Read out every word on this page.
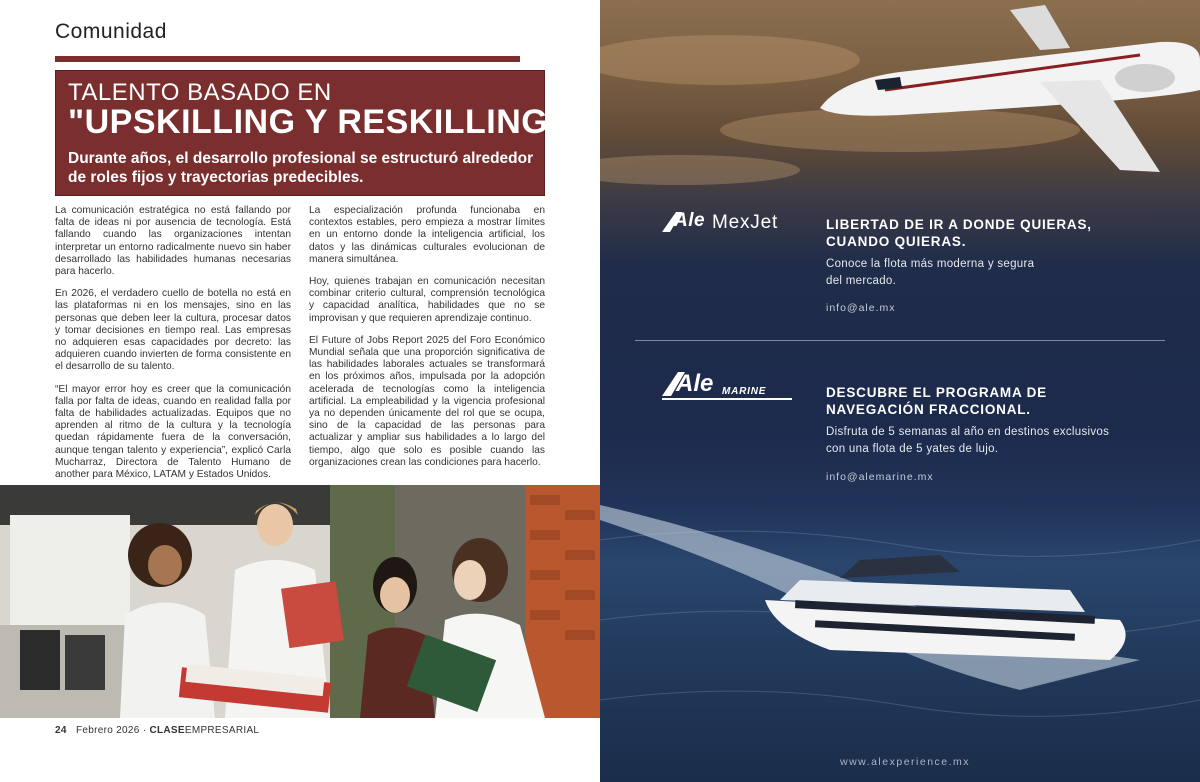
Comunidad
TALENTO BASADO EN
"UPSKILLING Y RESKILLING"
Durante años, el desarrollo profesional se estructuró alrededor de roles fijos y trayectorias predecibles.

La comunicación estratégica no está fallando por falta de ideas ni por ausencia de tecnología. Está fallando cuando las organizaciones intentan interpretar un entorno radicalmente nuevo sin haber desarrollado las habilidades humanas necesarias para hacerlo.

En 2026, el verdadero cuello de botella no está en las plataformas ni en los mensajes, sino en las personas que deben leer la cultura, procesar datos y tomar decisiones en tiempo real. Las empresas no adquieren esas capacidades por decreto: las adquieren cuando invierten de forma consistente en el desarrollo de su talento.

“El mayor error hoy es creer que la comunicación falla por falta de ideas, cuando en realidad falla por falta de habilidades actualizadas. Equipos que no aprenden al ritmo de la cultura y la tecnología quedan rápidamente fuera de la conversación, aunque tengan talento y experiencia”, explicó Carla Mucharraz, Directora de Talento Humano de another para México, LATAM y Estados Unidos.

La especialización profunda funcionaba en contextos estables, pero empieza a mostrar límites en un entorno donde la inteligencia artificial, los datos y las dinámicas culturales evolucionan de manera simultánea.

Hoy, quienes trabajan en comunicación necesitan combinar criterio cultural, comprensión tecnológica y capacidad analítica, habilidades que no se improvisan y que requieren aprendizaje continuo.

El Future of Jobs Report 2025 del Foro Económico Mundial señala que una proporción significativa de las habilidades laborales actuales se transformará en los próximos años, impulsada por la adopción acelerada de tecnologías como la inteligencia artificial. La empleabilidad y la vigencia profesional ya no dependen únicamente del rol que se ocupa, sino de la capacidad de las personas para actualizar y ampliar sus habilidades a lo largo del tiempo, algo que solo es posible cuando las organizaciones crean las condiciones para hacerlo.

24 Febrero 2026 · CLASEEMPRESARIAL
Ale MexJet	LIBERTAD DE IR A DONDE QUIERAS,
CUANDO QUIERAS.
Conoce la flota más moderna y segura
del mercado.
info@ale.mx
Ale MARINE	DESCUBRE EL PROGRAMA DE
NAVEGACIÓN FRACCIONAL.
Disfruta de 5 semanas al año en destinos exclusivos
con una flota de 5 yates de lujo.
info@alemarine.mx
www.alexperience.mx
